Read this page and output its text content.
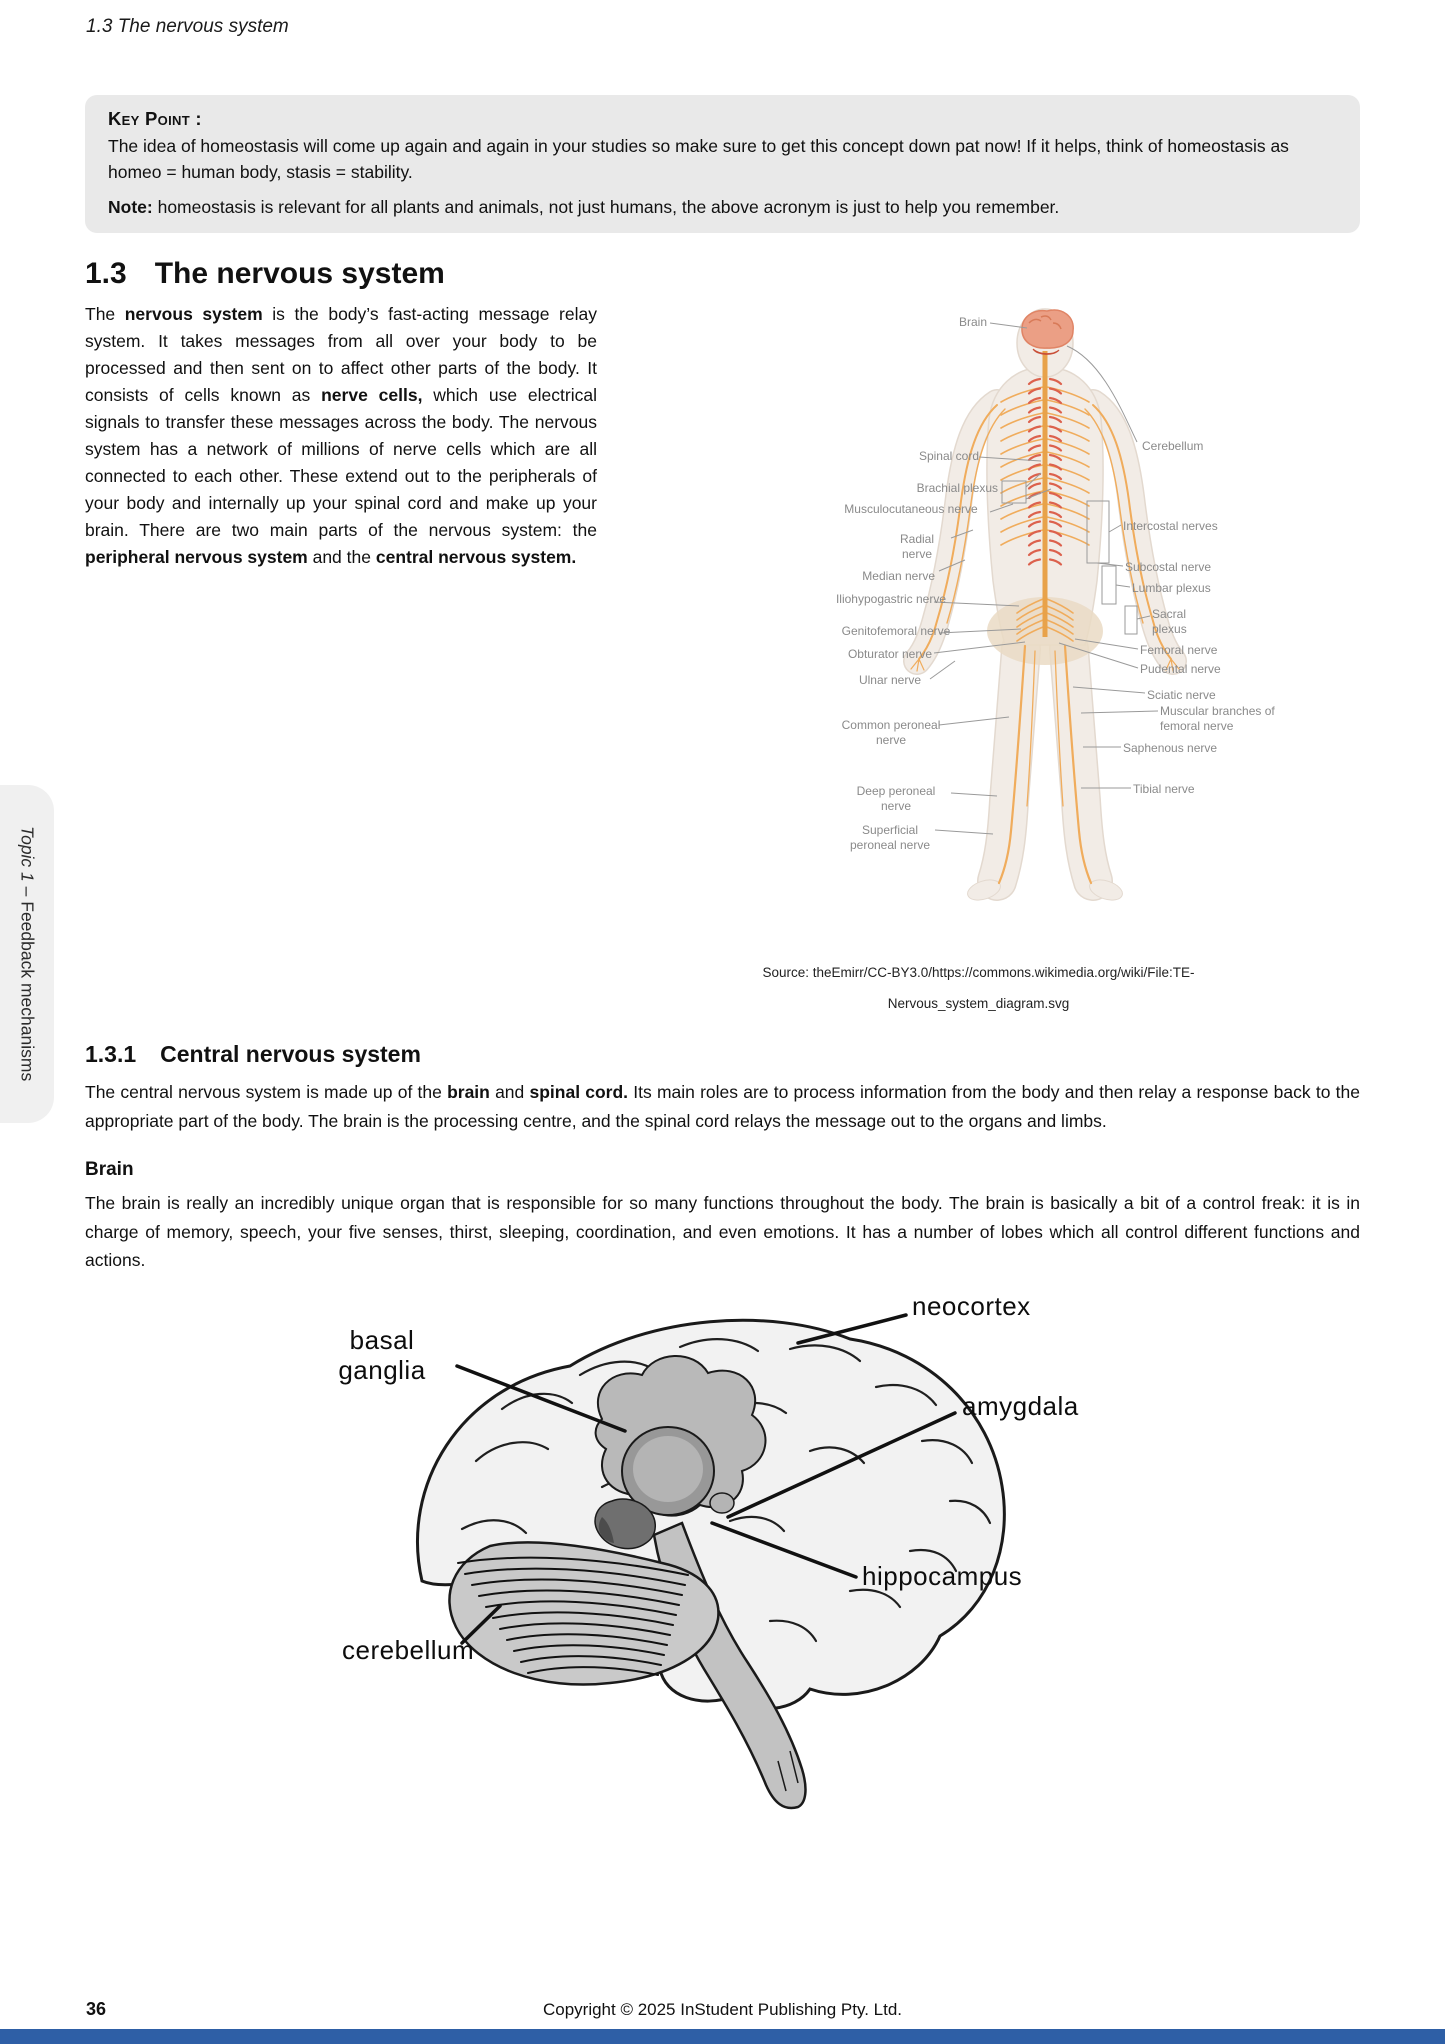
1.3 The nervous system
Topic 1 – Feedback mechanisms
Key Point :

The idea of homeostasis will come up again and again in your studies so make sure to get this concept down pat now! If it helps, think of homeostasis as homeo = human body, stasis = stability.

Note: homeostasis is relevant for all plants and animals, not just humans, the above acronym is just to help you remember.

1.3 The nervous system
The nervous system is the body’s fast-acting message relay system. It takes messages from all over your body to be processed and then sent on to affect other parts of the body. It consists of cells known as nerve cells, which use electrical signals to transfer these messages across the body. The nervous system has a network of millions of nerve cells which are all connected to each other. These extend out to the peripherals of your body and internally up your spinal cord and make up your brain. There are two main parts of the nervous system: the peripheral nervous system and the central nervous system.
Brain
Spinal cord
Brachial plexus
Musculocutaneous nerve
Radial nerve
Median nerve
Iliohypogastric nerve
Genitofemoral nerve
Obturator nerve
Ulnar nerve
Common peroneal nerve
Deep peroneal nerve
Superficial peroneal nerve
Cerebellum
Intercostal nerves
Subcostal nerve
Lumbar plexus
Sacral plexus
Femoral nerve
Pudental nerve
Sciatic nerve
Muscular branches of femoral nerve
Saphenous nerve
Tibial nerve
Source: theEmirr/CC-BY3.0/https://commons.wikimedia.org/wiki/File:TE-
Nervous_system_diagram.svg
1.3.1 Central nervous system

The central nervous system is made up of the brain and spinal cord. Its main roles are to process information from the body and then relay a response back to the appropriate part of the body. The brain is the processing centre, and the spinal cord relays the message out to the organs and limbs.

Brain

The brain is really an incredibly unique organ that is responsible for so many functions throughout the body. The brain is basically a bit of a control freak: it is in charge of memory, speech, your five senses, thirst, sleeping, coordination, and even emotions. It has a number of lobes which all control different functions and actions.

basal ganglia
neocortex
amygdala
hippocampus
cerebellum
36	Copyright © 2025 InStudent Publishing Pty. Ltd.
